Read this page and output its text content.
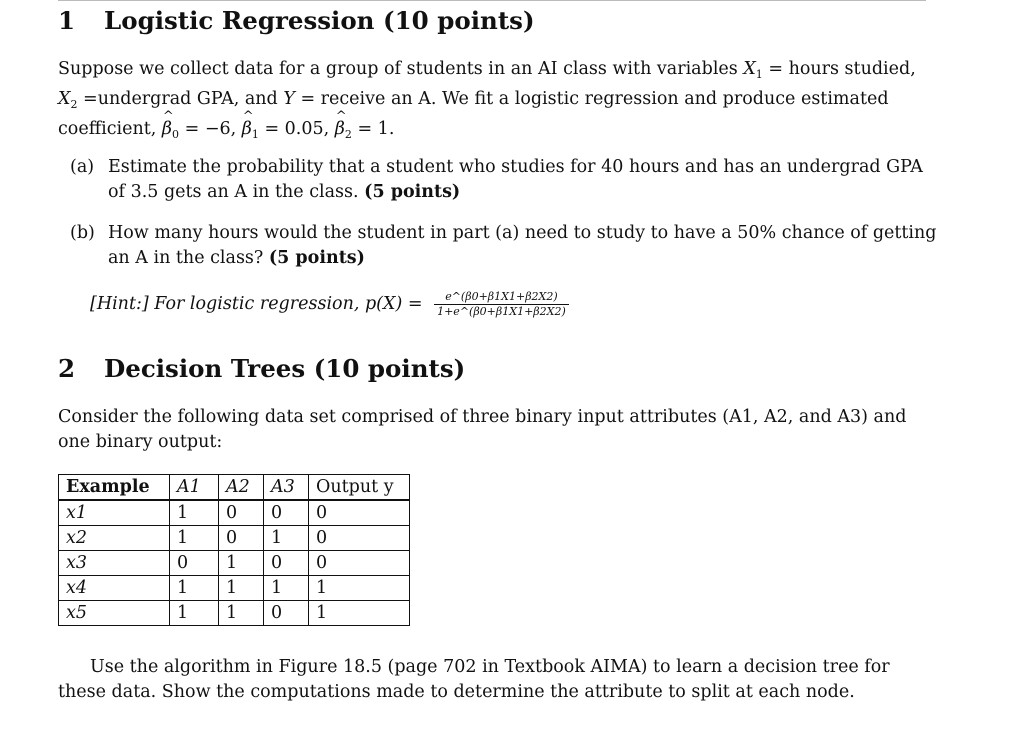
1 Logistic Regression (10 points)
Suppose we collect data for a group of students in an AI class with variables $X_1$ = hours studied,
$X_2$ =undergrad GPA, and Y = receive an A. We fit a logistic regression and produce estimated
coefficient, ^ $\beta_0 = -6$, ^ $\beta_1 = 0.05$, ^ $\beta_2 = 1$.
(a) Estimate the probability that a student who studies for 40 hours and has an undergrad GPA
of 3.5 gets an A in the class. (5 points)
(b) How many hours would the student in part (a) need to study to have a 50% chance of getting
an A in the class? (5 points)
[Hint:] For logistic regression, $p(X) = \frac{e\^{}(\beta 0+\beta 1X1+\beta 2X2)}{1+e\^{}(\beta 0+\beta 1X1+\beta 2X2)}$
2 Decision Trees (10 points)
Consider the following data set comprised of three binary input attributes (A1, A2, and A3) and
one binary output:
Example	A1	A2	A3	Output y
x1	1	0	0	0
x2	1	0	1	0
x3	0	1	0	0
x4	1	1	1	1
x5	1	1	0	1
Use the algorithm in Figure 18.5 (page 702 in Textbook AIMA) to learn a decision tree for
these data. Show the computations made to determine the attribute to split at each node.
